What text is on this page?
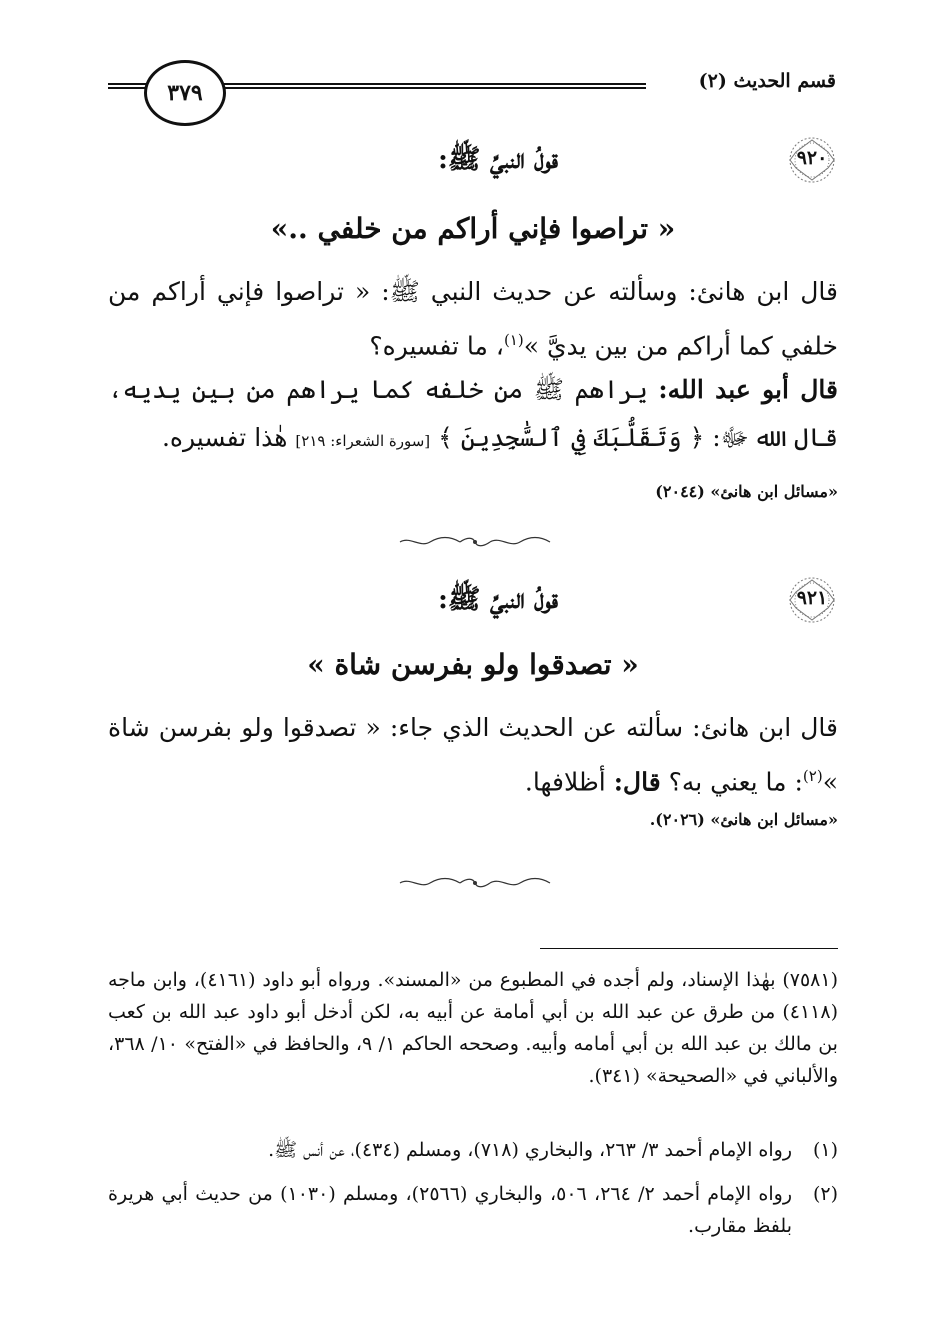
قسم الحديث (٢)
٣٧٩
٩٢٠
قولُ النبيِّ ﷺ:
« تراصوا فإني أراكم من خلفي ..»
قال ابن هانئ: وسألته عن حديث النبي ﷺ: « تراصوا فإني أراكم من خلفي كما أراكم من بين يديَّ »$^{(١)}$، ما تفسيره؟
قال أبو عبد الله: يراهم ﷺ من خلفه كما يراهم من بين يديه، قال الله ﷻ: ﴿ وَتَقَلُّبَكَ فِي ٱلسَّٰجِدِينَ ﴾ [سورة الشعراء: ٢١٩] هٰذا تفسيره.
«مسائل ابن هانئ» (٢٠٤٤)
٩٢١
قولُ النبيِّ ﷺ:
« تصدقوا ولو بفرسن شاة »
قال ابن هانئ: سألته عن الحديث الذي جاء: « تصدقوا ولو بفرسن شاة »$^{(٢)}$: ما يعني به؟ قال: أظلافها.
«مسائل ابن هانئ» (٢٠٢٦).
(٧٥٨١) بهٰذا الإسناد، ولم أجده في المطبوع من «المسند». ورواه أبو داود (٤١٦١)، وابن ماجه (٤١١٨) من طرق عن عبد الله بن أبي أمامة عن أبيه به، لكن أدخل أبو داود عبد الله بن كعب بن مالك بن عبد الله بن أبي أمامه وأبيه. وصححه الحاكم ١/ ٩، والحافظ في «الفتح» ١٠/ ٣٦٨، والألباني في «الصحيحة» (٣٤١).
(١)
رواه الإمام أحمد ٣/ ٢٦٣، والبخاري (٧١٨)، ومسلم (٤٣٤)، عن أنس ﷺ.
(٢)
رواه الإمام أحمد ٢/ ٢٦٤، ٥٠٦، والبخاري (٢٥٦٦)، ومسلم (١٠٣٠) من حديث أبي هريرة بلفظ مقارب.
